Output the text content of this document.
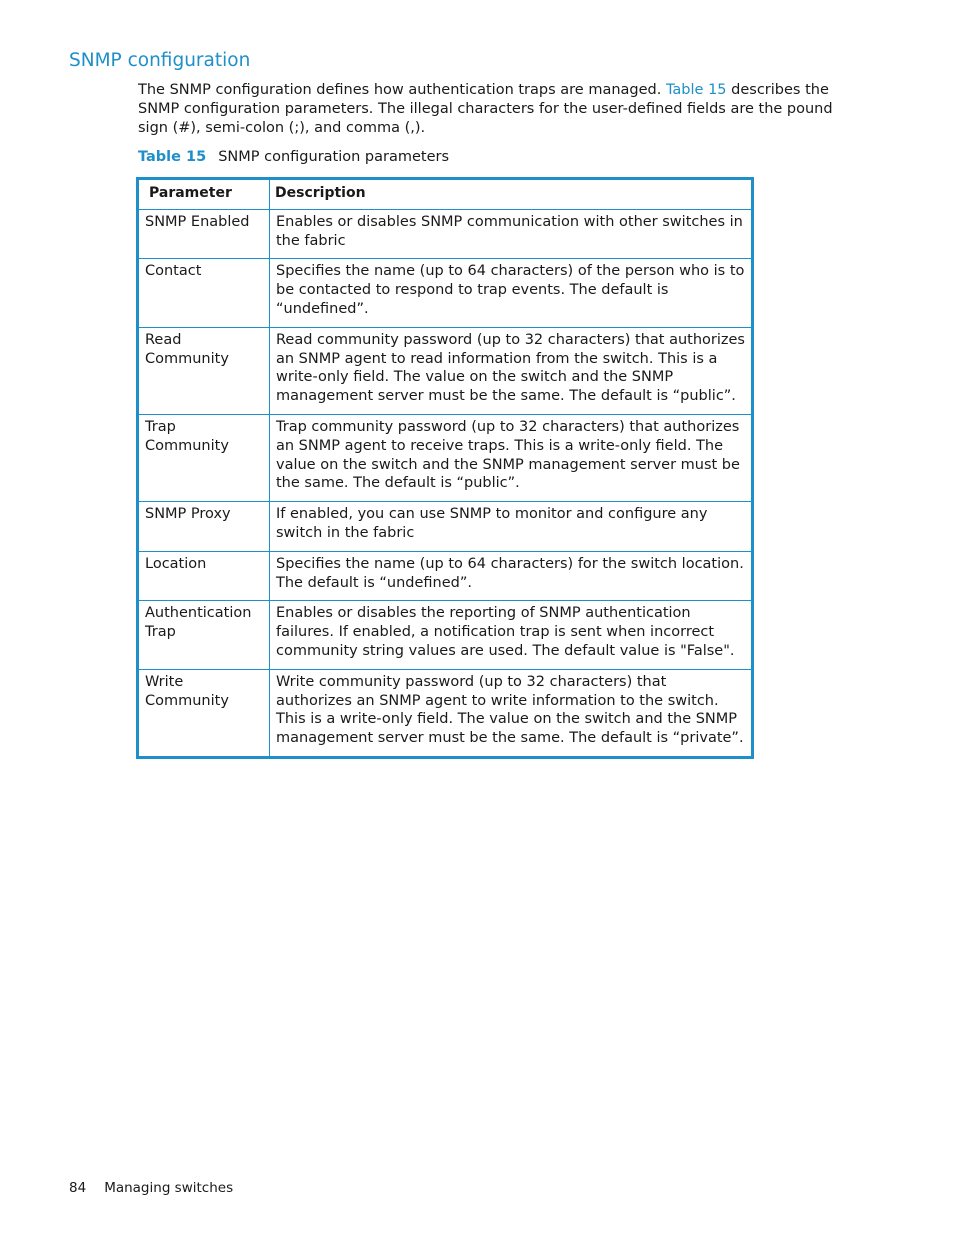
SNMP configuration

The SNMP configuration defines how authentication traps are managed. Table 15 describes the SNMP configuration parameters. The illegal characters for the user-defined fields are the pound sign (#), semi-colon (;), and comma (,).

Table 15 SNMP configuration parameters

Parameter	Description
SNMP Enabled	Enables or disables SNMP communication with other switches in the fabric
Contact	Specifies the name (up to 64 characters) of the person who is to be contacted to respond to trap events. The default is “undefined”.
Read Community	Read community password (up to 32 characters) that authorizes an SNMP agent to read information from the switch. This is a write-only field. The value on the switch and the SNMP management server must be the same. The default is “public”.
Trap Community	Trap community password (up to 32 characters) that authorizes an SNMP agent to receive traps. This is a write-only field. The value on the switch and the SNMP management server must be the same. The default is “public”.
SNMP Proxy	If enabled, you can use SNMP to monitor and configure any switch in the fabric
Location	Specifies the name (up to 64 characters) for the switch location. The default is “undefined”.
Authentication Trap	Enables or disables the reporting of SNMP authentication failures. If enabled, a notification trap is sent when incorrect community string values are used. The default value is "False".
Write Community	Write community password (up to 32 characters) that authorizes an SNMP agent to write information to the switch. This is a write-only field. The value on the switch and the SNMP management server must be the same. The default is “private”.

84 Managing switches
